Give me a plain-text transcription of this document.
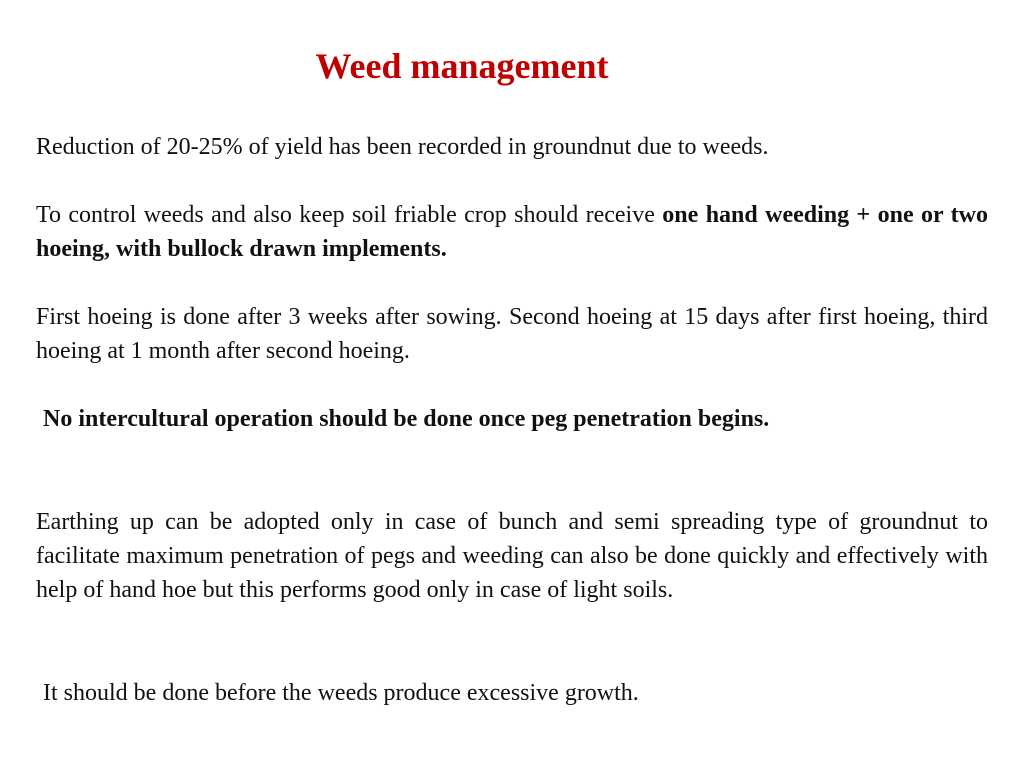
Weed management

Reduction of 20-25% of yield has been recorded in groundnut due to weeds.

To control weeds and also keep soil friable crop should receive one hand weeding + one or two hoeing, with bullock drawn implements.

First hoeing is done after 3 weeks after sowing. Second hoeing at 15 days after first hoeing, third hoeing at 1 month after second hoeing.

No intercultural operation should be done once peg penetration begins.

Earthing up can be adopted only in case of bunch and semi spreading type of groundnut to facilitate maximum penetration of pegs and weeding can also be done quickly and effectively with help of hand hoe but this performs good only in case of light soils.

It should be done before the weeds produce excessive growth.
